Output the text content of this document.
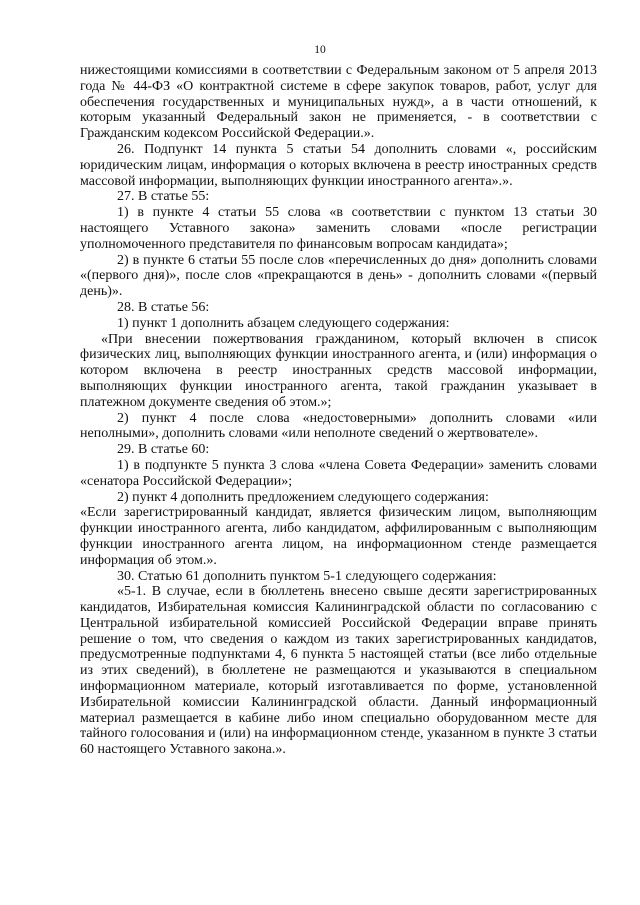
10

нижестоящими комиссиями в соответствии с Федеральным законом от 5 апреля 2013 года № 44-ФЗ «О контрактной системе в сфере закупок товаров, работ, услуг для обеспечения государственных и муниципальных нужд», а в части отношений, к которым указанный Федеральный закон не применяется, - в соответствии с Гражданским кодексом Российской Федерации.».

26. Подпункт 14 пункта 5 статьи 54 дополнить словами «, российским юридическим лицам, информация о которых включена в реестр иностранных средств массовой информации, выполняющих функции иностранного агента».».

27. В статье 55:

1) в пункте 4 статьи 55 слова «в соответствии с пунктом 13 статьи 30 настоящего Уставного закона» заменить словами «после регистрации уполномоченного представителя по финансовым вопросам кандидата»;

2) в пункте 6 статьи 55 после слов «перечисленных до дня» дополнить словами «(первого дня)», после слов «прекращаются в день» - дополнить словами «(первый день)».

28. В статье 56:

1) пункт 1 дополнить абзацем следующего содержания:

«При внесении пожертвования гражданином, который включен в список физических лиц, выполняющих функции иностранного агента, и (или) информация о котором включена в реестр иностранных средств массовой информации, выполняющих функции иностранного агента, такой гражданин указывает в платежном документе сведения об этом.»;

2) пункт 4 после слова «недостоверными» дополнить словами «или неполными», дополнить словами «или неполноте сведений о жертвователе».

29. В статье 60:

1) в подпункте 5 пункта 3 слова «члена Совета Федерации» заменить словами «сенатора Российской Федерации»;

2) пункт 4 дополнить предложением следующего содержания:

«Если зарегистрированный кандидат, является физическим лицом, выполняющим функции иностранного агента, либо кандидатом, аффилированным с выполняющим функции иностранного агента лицом, на информационном стенде размещается информация об этом.».

30. Статью 61 дополнить пунктом 5-1 следующего содержания:

«5-1. В случае, если в бюллетень внесено свыше десяти зарегистрированных кандидатов, Избирательная комиссия Калининградской области по согласованию с Центральной избирательной комиссией Российской Федерации вправе принять решение о том, что сведения о каждом из таких зарегистрированных кандидатов, предусмотренные подпунктами 4, 6 пункта 5 настоящей статьи (все либо отдельные из этих сведений), в бюллетене не размещаются и указываются в специальном информационном материале, который изготавливается по форме, установленной Избирательной комиссии Калининградской области. Данный информационный материал размещается в кабине либо ином специально оборудованном месте для тайного голосования и (или) на информационном стенде, указанном в пункте 3 статьи 60 настоящего Уставного закона.».
